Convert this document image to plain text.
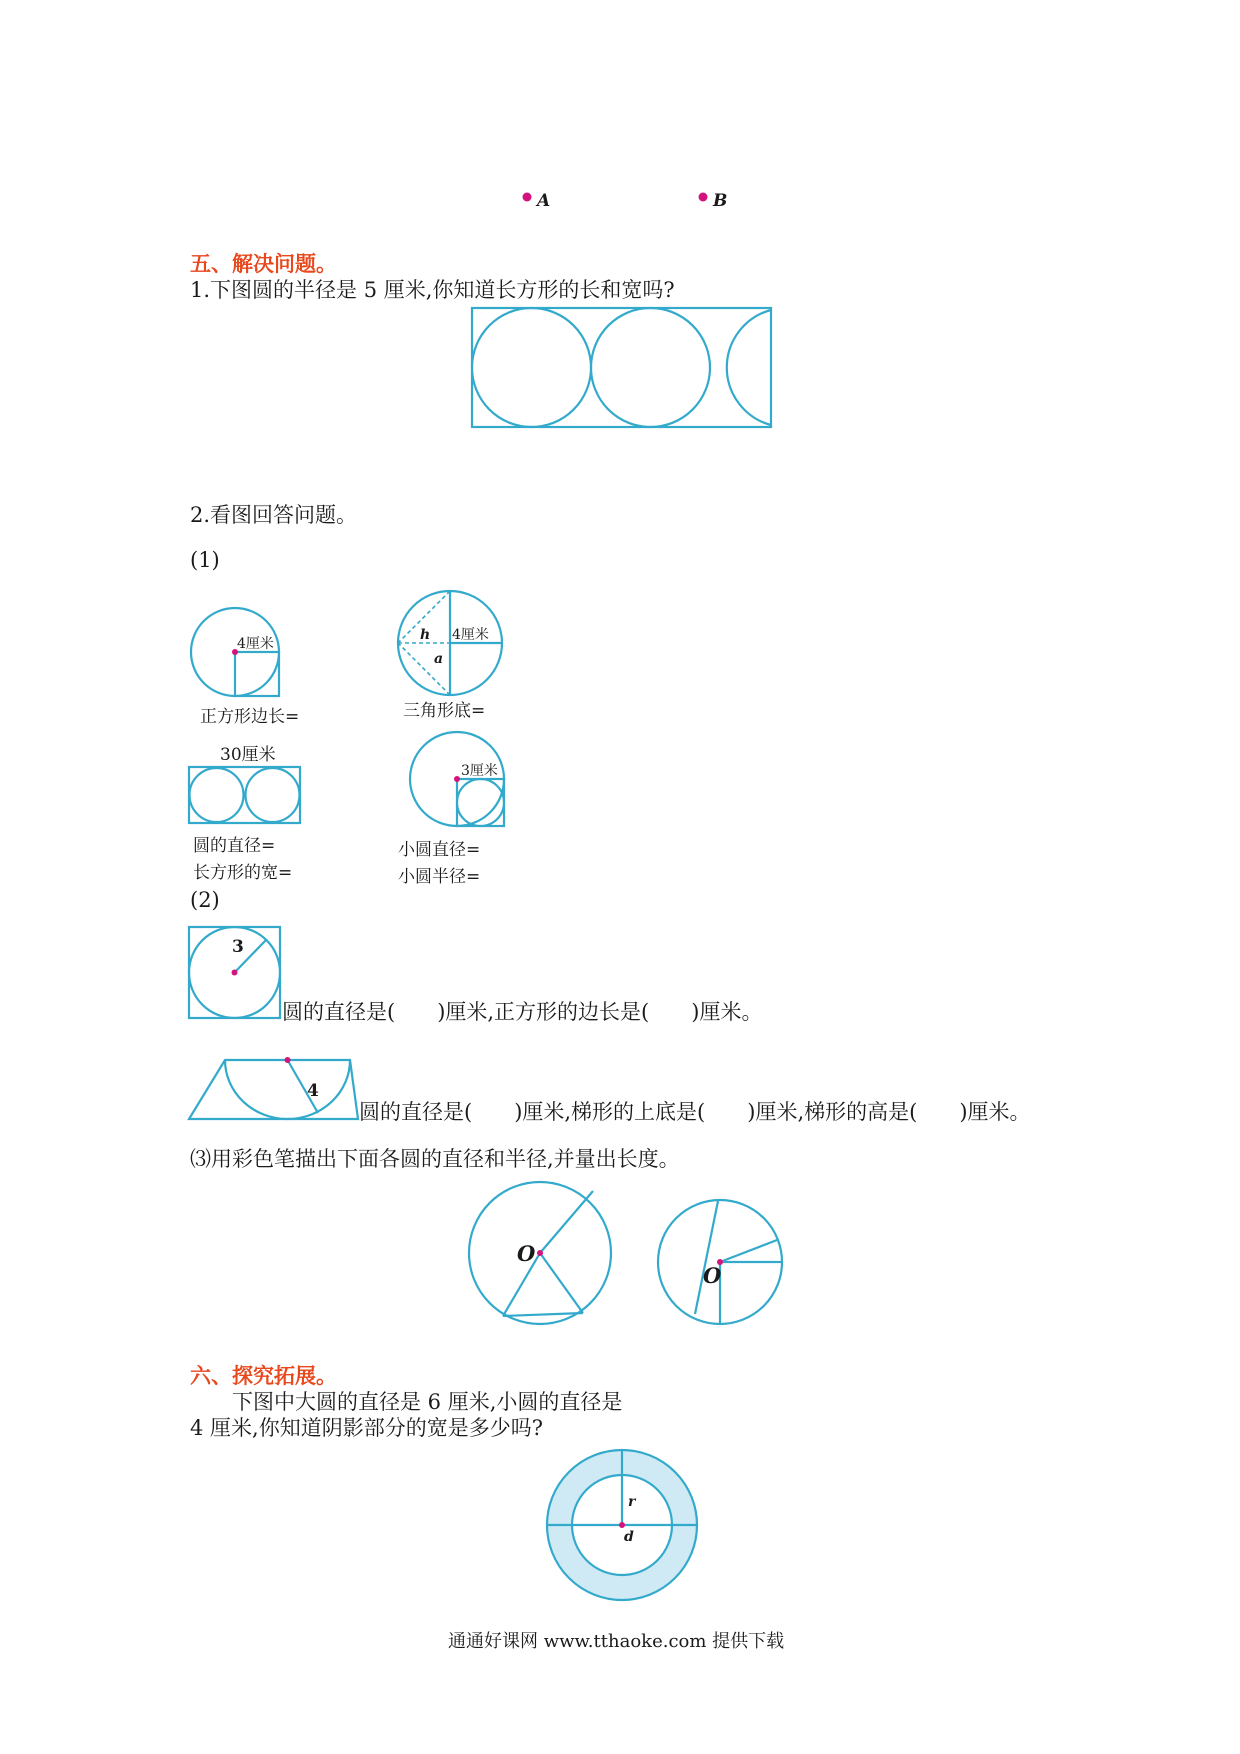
A	B
五、解决问题。
1.下图圆的半径是 5 厘米,你知道长方形的长和宽吗?
2.看图回答问题。
(1)
4厘米
正方形边长=
h 4厘米
a
三角形底=
30厘米
圆的直径=
长方形的宽=
3厘米
小圆直径=
小圆半径=
(2)
3
圆的直径是(　　)厘米,正方形的边长是(　　)厘米。
4
圆的直径是(　　)厘米,梯形的上底是(　　)厘米,梯形的高是(　　)厘米。
⑶用彩色笔描出下面各圆的直径和半径,并量出长度。
O
O
六、探究拓展。
下图中大圆的直径是 6 厘米,小圆的直径是
4 厘米,你知道阴影部分的宽是多少吗?
r
d
通通好课网 www.tthaoke.com 提供下载
